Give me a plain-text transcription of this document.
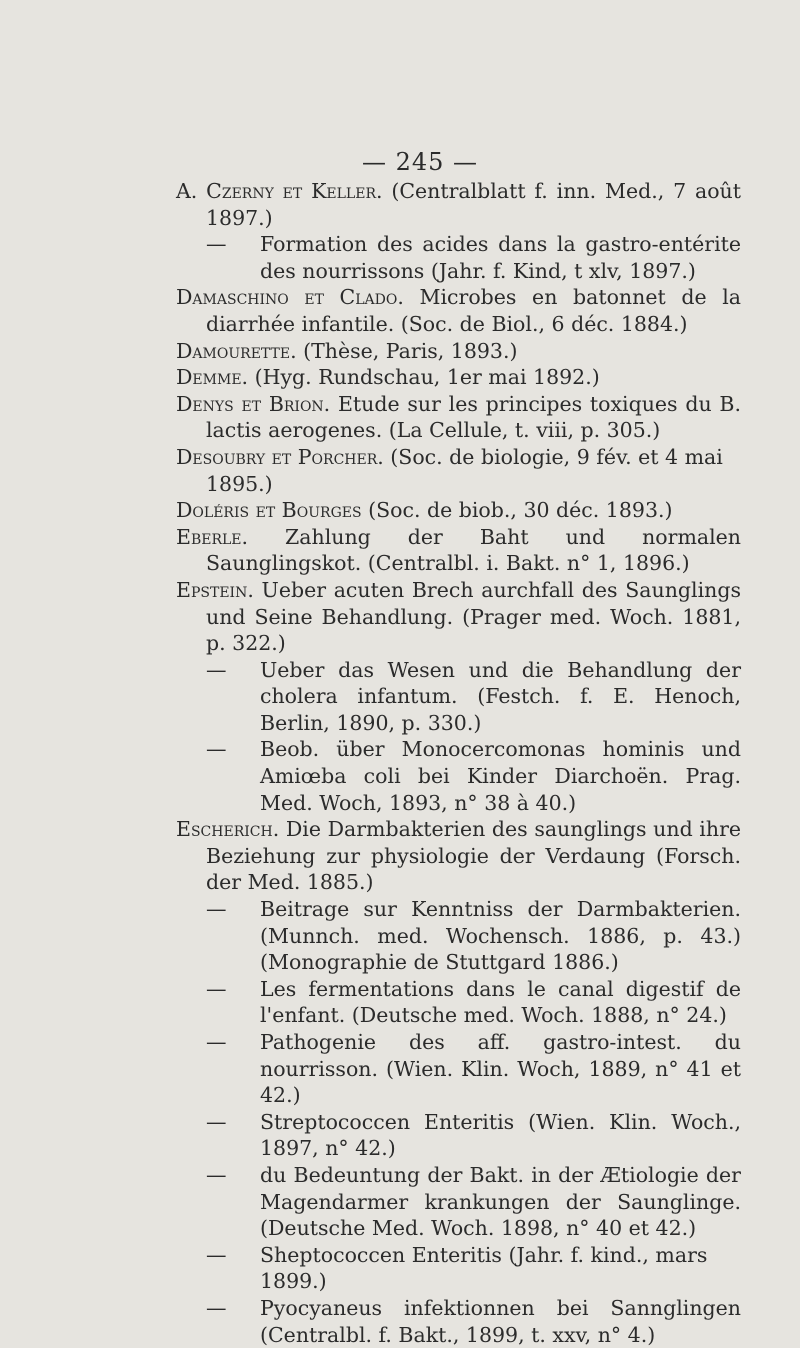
— 245 —
A. Czerny et Keller. (Centralblatt f. inn. Med., 7 août 1897.)
— Formation des acides dans la gastro-entérite des nourrissons (Jahr. f. Kind, t xlv, 1897.)
Damaschino et Clado. Microbes en batonnet de la diarrhée infantile. (Soc. de Biol., 6 déc. 1884.)
Damourette. (Thèse, Paris, 1893.)
Demme. (Hyg. Rundschau, 1er mai 1892.)
Denys et Brion. Etude sur les principes toxiques du B. lactis aerogenes. (La Cellule, t. viii, p. 305.)
Desoubry et Porcher. (Soc. de biologie, 9 fév. et 4 mai 1895.)
Doléris et Bourges (Soc. de biob., 30 déc. 1893.)
Eberle. Zahlung der Baht und normalen Saunglingskot. (Centralbl. i. Bakt. n° 1, 1896.)
Epstein. Ueber acuten Brech aurchfall des Saunglings und Seine Behandlung. (Prager med. Woch. 1881, p. 322.)
— Ueber das Wesen und die Behandlung der cholera infantum. (Festch. f. E. Henoch, Berlin, 1890, p. 330.)
— Beob. über Monocercomonas hominis und Amiœba coli bei Kinder Diarchoën. Prag. Med. Woch, 1893, n° 38 à 40.)
Escherich. Die Darmbakterien des saunglings und ihre Beziehung zur physiologie der Verdaung (Forsch. der Med. 1885.)
— Beitrage sur Kenntniss der Darmbakterien. (Munnch. med. Wochensch. 1886, p. 43.) (Monographie de Stuttgard 1886.)
— Les fermentations dans le canal digestif de l'enfant. (Deutsche med. Woch. 1888, n° 24.)
— Pathogenie des aff. gastro-intest. du nourrisson. (Wien. Klin. Woch, 1889, n° 41 et 42.)
— Streptococcen Enteritis (Wien. Klin. Woch., 1897, n° 42.)
— du Bedeuntung der Bakt. in der Ætiologie der Magendarmer krankungen der Saunglinge. (Deutsche Med. Woch. 1898, n° 40 et 42.)
— Sheptococcen Enteritis (Jahr. f. kind., mars 1899.)
— Pyocyaneus infektionnen bei Sannglingen (Centralbl. f. Bakt., 1899, t. xxv, n° 4.)
